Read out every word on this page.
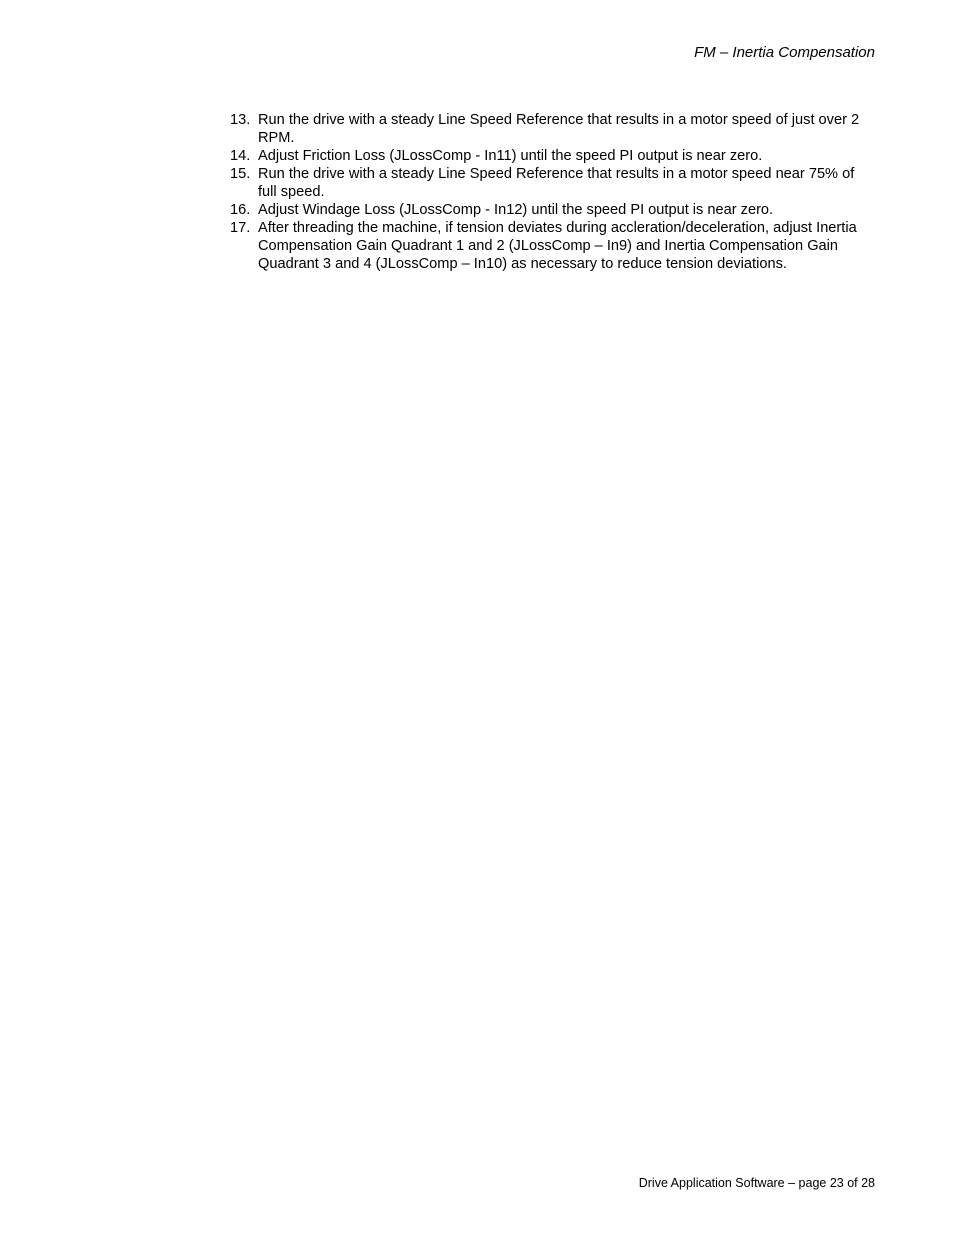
FM – Inertia Compensation
13. Run the drive with a steady Line Speed Reference that results in a motor speed of just over 2 RPM.
14. Adjust Friction Loss (JLossComp - In11) until the speed PI output is near zero.
15. Run the drive with a steady Line Speed Reference that results in a motor speed near 75% of full speed.
16. Adjust Windage Loss (JLossComp - In12) until the speed PI output is near zero.
17. After threading the machine, if tension deviates during accleration/deceleration, adjust Inertia Compensation Gain Quadrant 1 and 2 (JLossComp – In9) and Inertia Compensation Gain Quadrant 3 and 4 (JLossComp – In10) as necessary to reduce tension deviations.
Drive Application Software – page 23 of 28
